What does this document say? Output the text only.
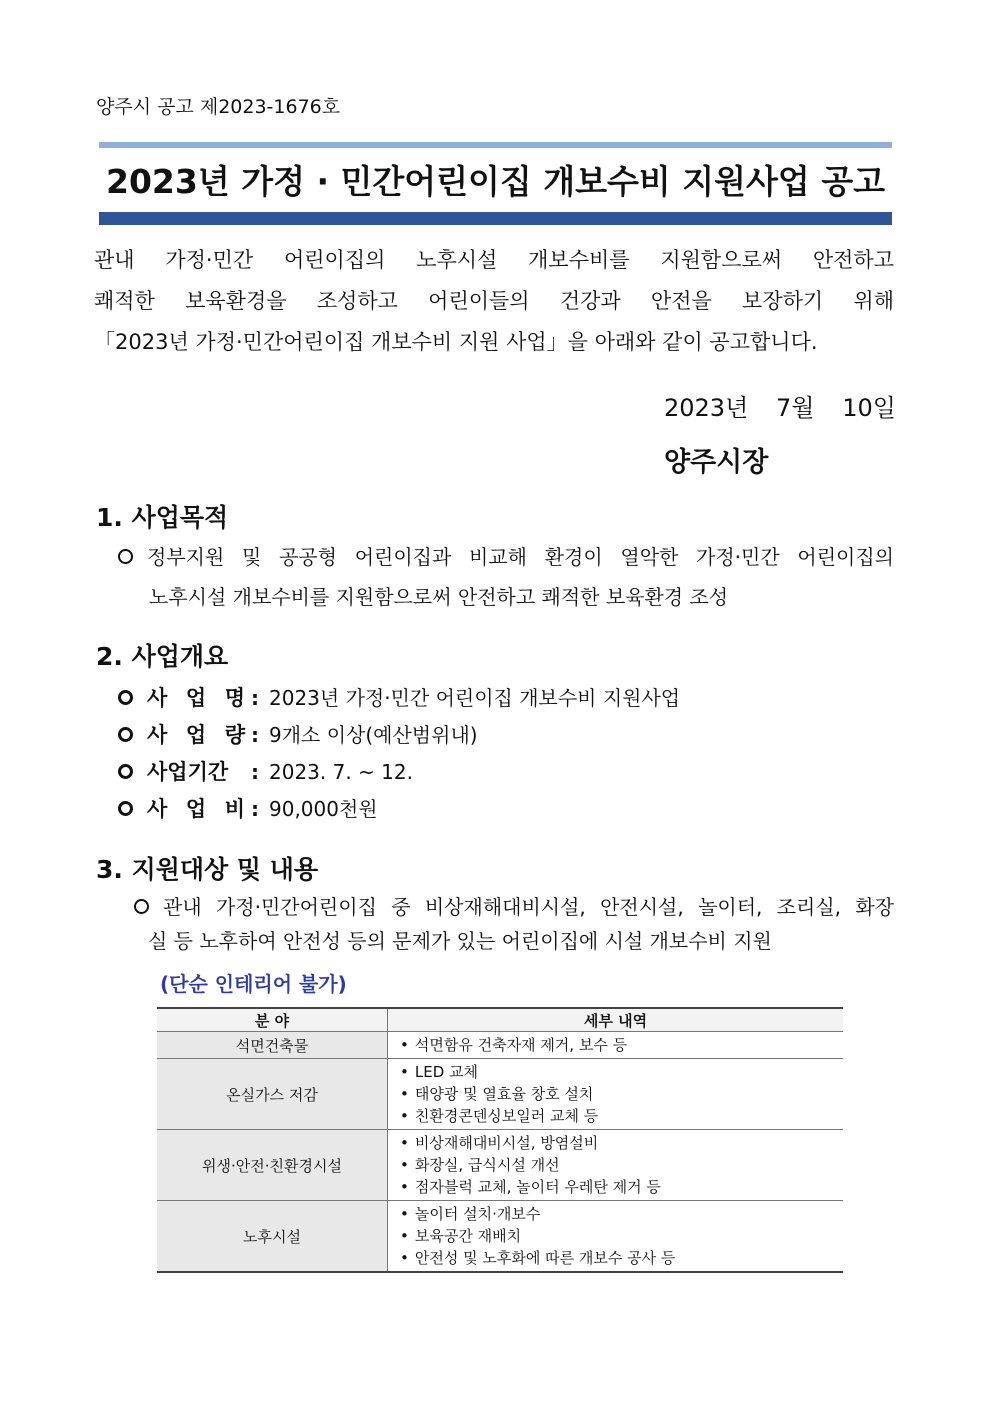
양주시 공고 제2023-1676호
2023년 가정 · 민간어린이집 개보수비 지원사업 공고
관내 가정·민간 어린이집의 노후시설 개보수비를 지원함으로써 안전하고
쾌적한 보육환경을 조성하고 어린이들의 건강과 안전을 보장하기 위해
「2023년 가정·민간어린이집 개보수비 지원 사업」을 아래와 같이 공고합니다.
2023년 7월 10일
양주시장
1. 사업목적
정부지원 및 공공형 어린이집과 비교해 환경이 열악한 가정·민간 어린이집의
노후시설 개보수비를 지원함으로써 안전하고 쾌적한 보육환경 조성
2. 사업개요
사 업 명 : 2023년 가정·민간 어린이집 개보수비 지원사업
사 업 량 : 9개소 이상(예산범위내)
사업기간 : 2023. 7. ~ 12.
사 업 비 : 90,000천원
3. 지원대상 및 내용
관내 가정·민간어린이집 중 비상재해대비시설, 안전시설, 놀이터, 조리실, 화장
실 등 노후하여 안전성 등의 문제가 있는 어린이집에 시설 개보수비 지원
(단순 인테리어 불가)
분 야	세부 내역
석면건축물	• 석면함유 건축자재 제거, 보수 등

온실가스 저감	• LED 교체
• 태양광 및 열효율 창호 설치
• 친환경콘덴싱보일러 교체 등

위생·안전·친환경시설	• 비상재해대비시설, 방염설비
• 화장실, 급식시설 개선
• 점자블럭 교체, 놀이터 우레탄 제거 등

노후시설	• 놀이터 설치·개보수
• 보육공간 재배치
• 안전성 및 노후화에 따른 개보수 공사 등
